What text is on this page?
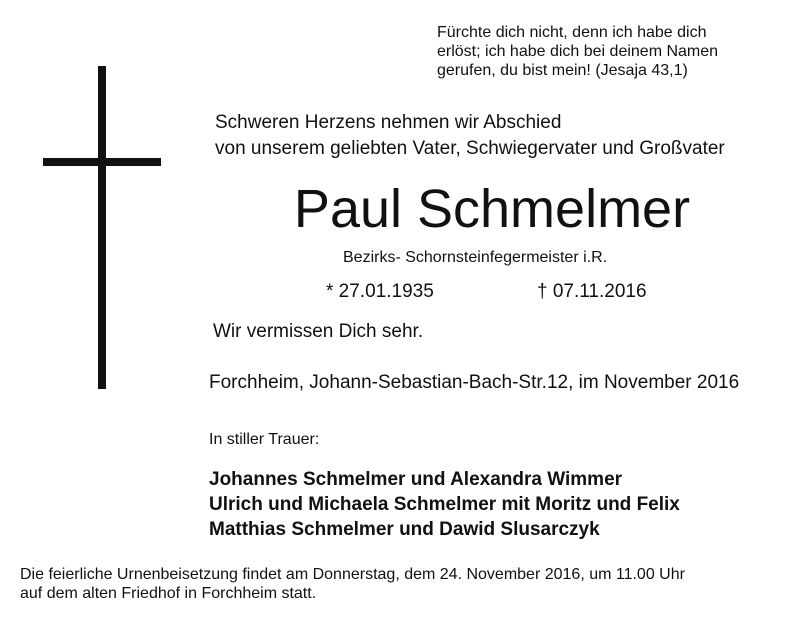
Fürchte dich nicht, denn ich habe dich
erlöst; ich habe dich bei deinem Namen
gerufen, du bist mein! (Jesaja 43,1)
Schweren Herzens nehmen wir Abschied
von unserem geliebten Vater, Schwiegervater und Großvater
Paul Schmelmer
Bezirks- Schornsteinfegermeister i.R.
* 27.01.1935	† 07.11.2016
Wir vermissen Dich sehr.
Forchheim, Johann-Sebastian-Bach-Str.12, im November 2016
In stiller Trauer:
Johannes Schmelmer und Alexandra Wimmer
Ulrich und Michaela Schmelmer mit Moritz und Felix
Matthias Schmelmer und Dawid Slusarczyk
Die feierliche Urnenbeisetzung findet am Donnerstag, dem 24. November 2016, um 11.00 Uhr
auf dem alten Friedhof in Forchheim statt.
